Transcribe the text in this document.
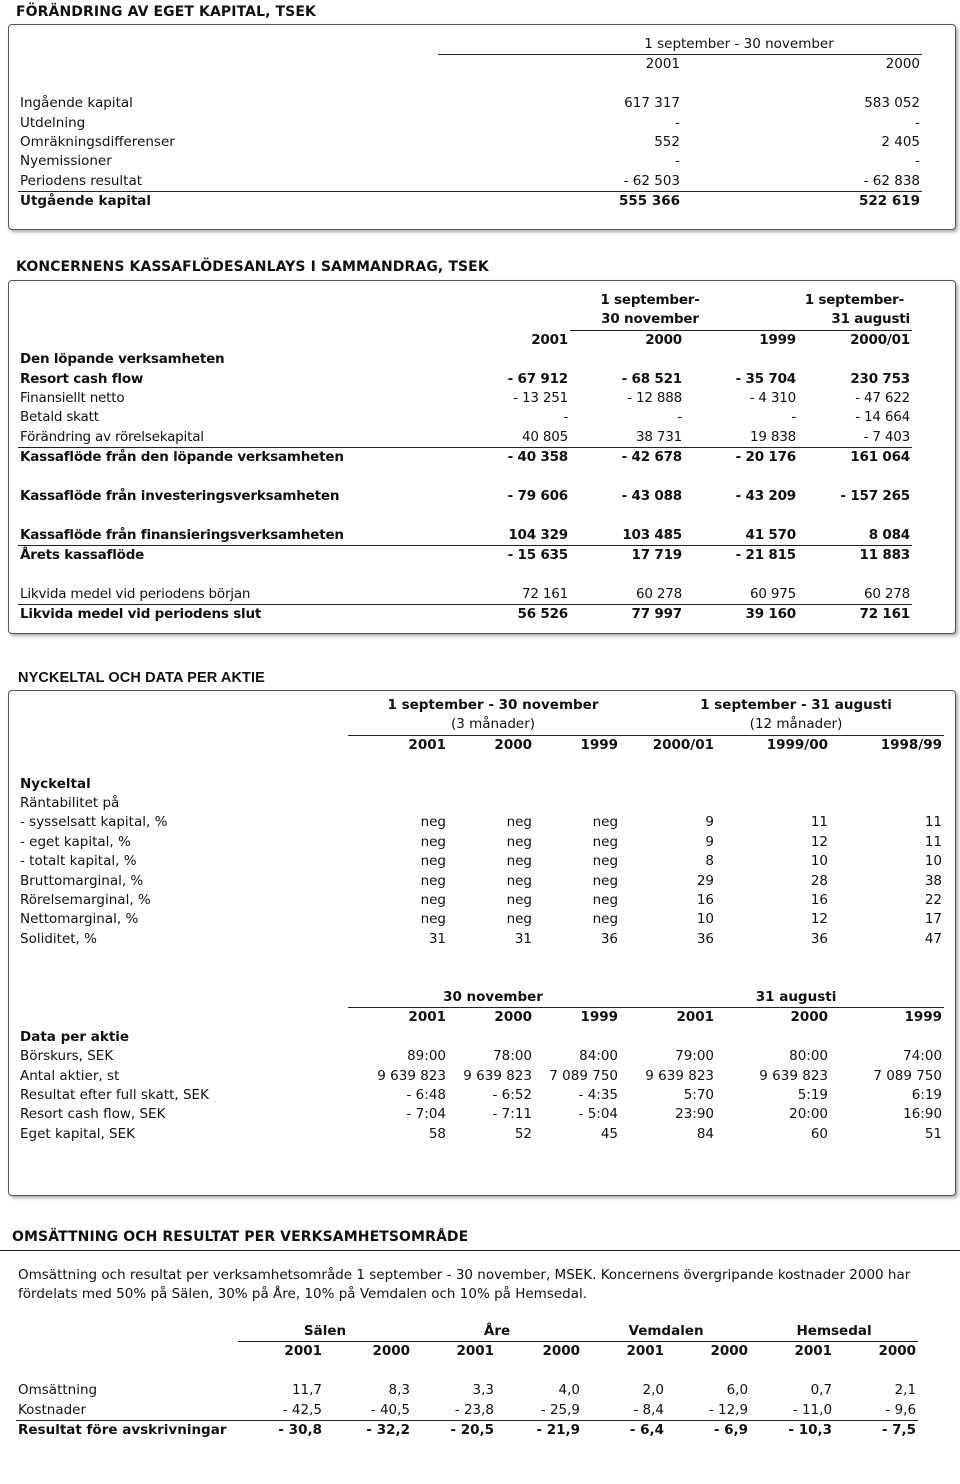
FÖRÄNDRING AV EGET KAPITAL, TSEK
	1 september - 30 november	
	2001	2000

Ingående kapital	617 317	583 052
Utdelning	-	-
Omräkningsdifferenser	552	2 405
Nyemissioner	-	-
Periodens resultat	- 62 503	- 62 838
Utgående kapital	555 366	522 619
KONCERNENS KASSAFLÖDESANLAYS I SAMMANDRAG, TSEK
		1 september-		1 september-
		30 november		31 augusti
	2001	2000	1999	2000/01
Den löpande verksamheten				
Resort cash flow	- 67 912	- 68 521	- 35 704	230 753
Finansiellt netto	- 13 251	- 12 888	- 4 310	- 47 622
Betald skatt	-	-	-	- 14 664
Förändring av rörelsekapital	40 805	38 731	19 838	- 7 403
Kassaflöde från den löpande verksamheten	- 40 358	- 42 678	- 20 176	161 064

Kassaflöde från investeringsverksamheten	- 79 606	- 43 088	- 43 209	- 157 265

Kassaflöde från finansieringsverksamheten	104 329	103 485	41 570	8 084
Årets kassaflöde	- 15 635	17 719	- 21 815	11 883

Likvida medel vid periodens början	72 161	60 278	60 975	60 278
Likvida medel vid periodens slut	56 526	77 997	39 160	72 161
NYCKELTAL OCH DATA PER AKTIE
	1 september - 30 november			1 september - 31 augusti		
	(3 månader)			(12 månader)		
	2001	2000	1999	2000/01	1999/00	1998/99

Nyckeltal						
Räntabilitet på						
- sysselsatt kapital, %	neg	neg	neg	9	11	11
- eget kapital, %	neg	neg	neg	9	12	11
- totalt kapital, %	neg	neg	neg	8	10	10
Bruttomarginal, %	neg	neg	neg	29	28	38
Rörelsemarginal, %	neg	neg	neg	16	16	22
Nettomarginal, %	neg	neg	neg	10	12	17
Soliditet, %	31	31	36	36	36	47

	30 november			31 augusti		
	2001	2000	1999	2001	2000	1999
Data per aktie						
Börskurs, SEK	89:00	78:00	84:00	79:00	80:00	74:00
Antal aktier, st	9 639 823	9 639 823	7 089 750	9 639 823	9 639 823	7 089 750
Resultat efter full skatt, SEK	- 6:48	- 6:52	- 4:35	5:70	5:19	6:19
Resort cash flow, SEK	- 7:04	- 7:11	- 5:04	23:90	20:00	16:90
Eget kapital, SEK	58	52	45	84	60	51
OMSÄTTNING OCH RESULTAT PER VERKSAMHETSOMRÅDE

Omsättning och resultat per verksamhetsområde 1 september - 30 november, MSEK. Koncernens övergripande kostnader 2000 har fördelats med 50% på Sälen, 30% på Åre, 10% på Vemdalen och 10% på Hemsedal.

	Sälen		Åre		Vemdalen		Hemsedal	
	2001	2000	2001	2000	2001	2000	2001	2000

Omsättning	11,7	8,3	3,3	4,0	2,0	6,0	0,7	2,1
Kostnader	- 42,5	- 40,5	- 23,8	- 25,9	- 8,4	- 12,9	- 11,0	- 9,6
Resultat före avskrivningar	- 30,8	- 32,2	- 20,5	- 21,9	- 6,4	- 6,9	- 10,3	- 7,5
